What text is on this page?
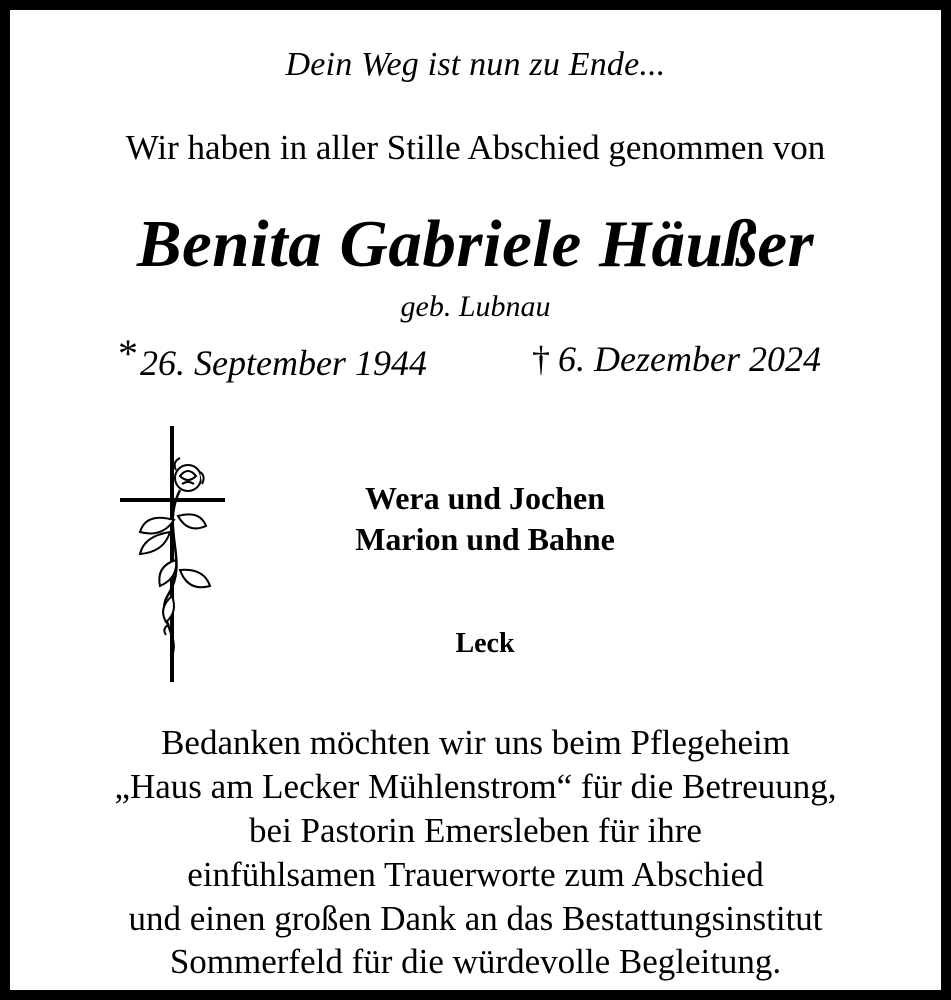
Dein Weg ist nun zu Ende...
Wir haben in aller Stille Abschied genommen von
Benita Gabriele Häußer
geb. Lubnau
*26. September 1944	† 6. Dezember 2024
Wera und Jochen
Marion und Bahne
Leck
Bedanken möchten wir uns beim Pflegeheim
„Haus am Lecker Mühlenstrom“ für die Betreuung,
bei Pastorin Emersleben für ihre
einfühlsamen Trauerworte zum Abschied
und einen großen Dank an das Bestattungsinstitut
Sommerfeld für die würdevolle Begleitung.
